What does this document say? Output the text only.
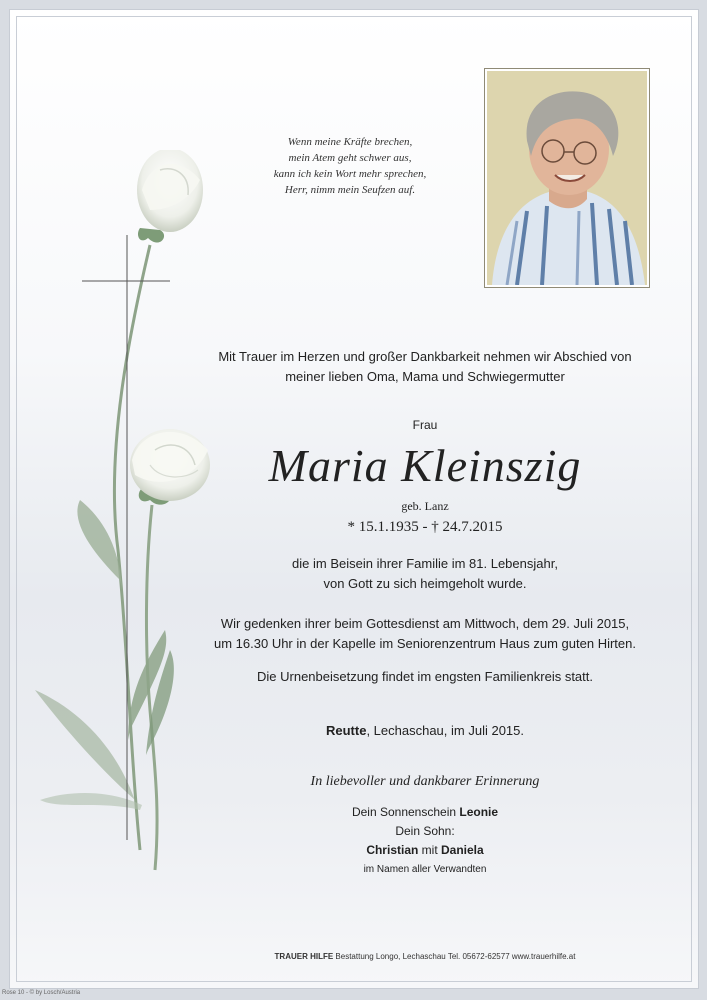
Wenn meine Kräfte brechen,
mein Atem geht schwer aus,
kann ich kein Wort mehr sprechen,
Herr, nimm mein Seufzen auf.
Mit Trauer im Herzen und großer Dankbarkeit nehmen wir Abschied von
meiner lieben Oma, Mama und Schwiegermutter
Frau
Maria Kleinszig
geb. Lanz
* 15.1.1935 - † 24.7.2015
die im Beisein ihrer Familie im 81. Lebensjahr,
von Gott zu sich heimgeholt wurde.
Wir gedenken ihrer beim Gottesdienst am Mittwoch, dem 29. Juli 2015,
um 16.30 Uhr in der Kapelle im Seniorenzentrum Haus zum guten Hirten.
Die Urnenbeisetzung findet im engsten Familienkreis statt.
Reutte, Lechaschau, im Juli 2015.
In liebevoller und dankbarer Erinnerung
Dein Sonnenschein Leonie
Dein Sohn:
Christian mit Daniela
im Namen aller Verwandten
TRAUER HILFE Bestattung Longo, Lechaschau Tel. 05672-62577 www.trauerhilfe.at
Rose 10 - © by Losch/Austria
